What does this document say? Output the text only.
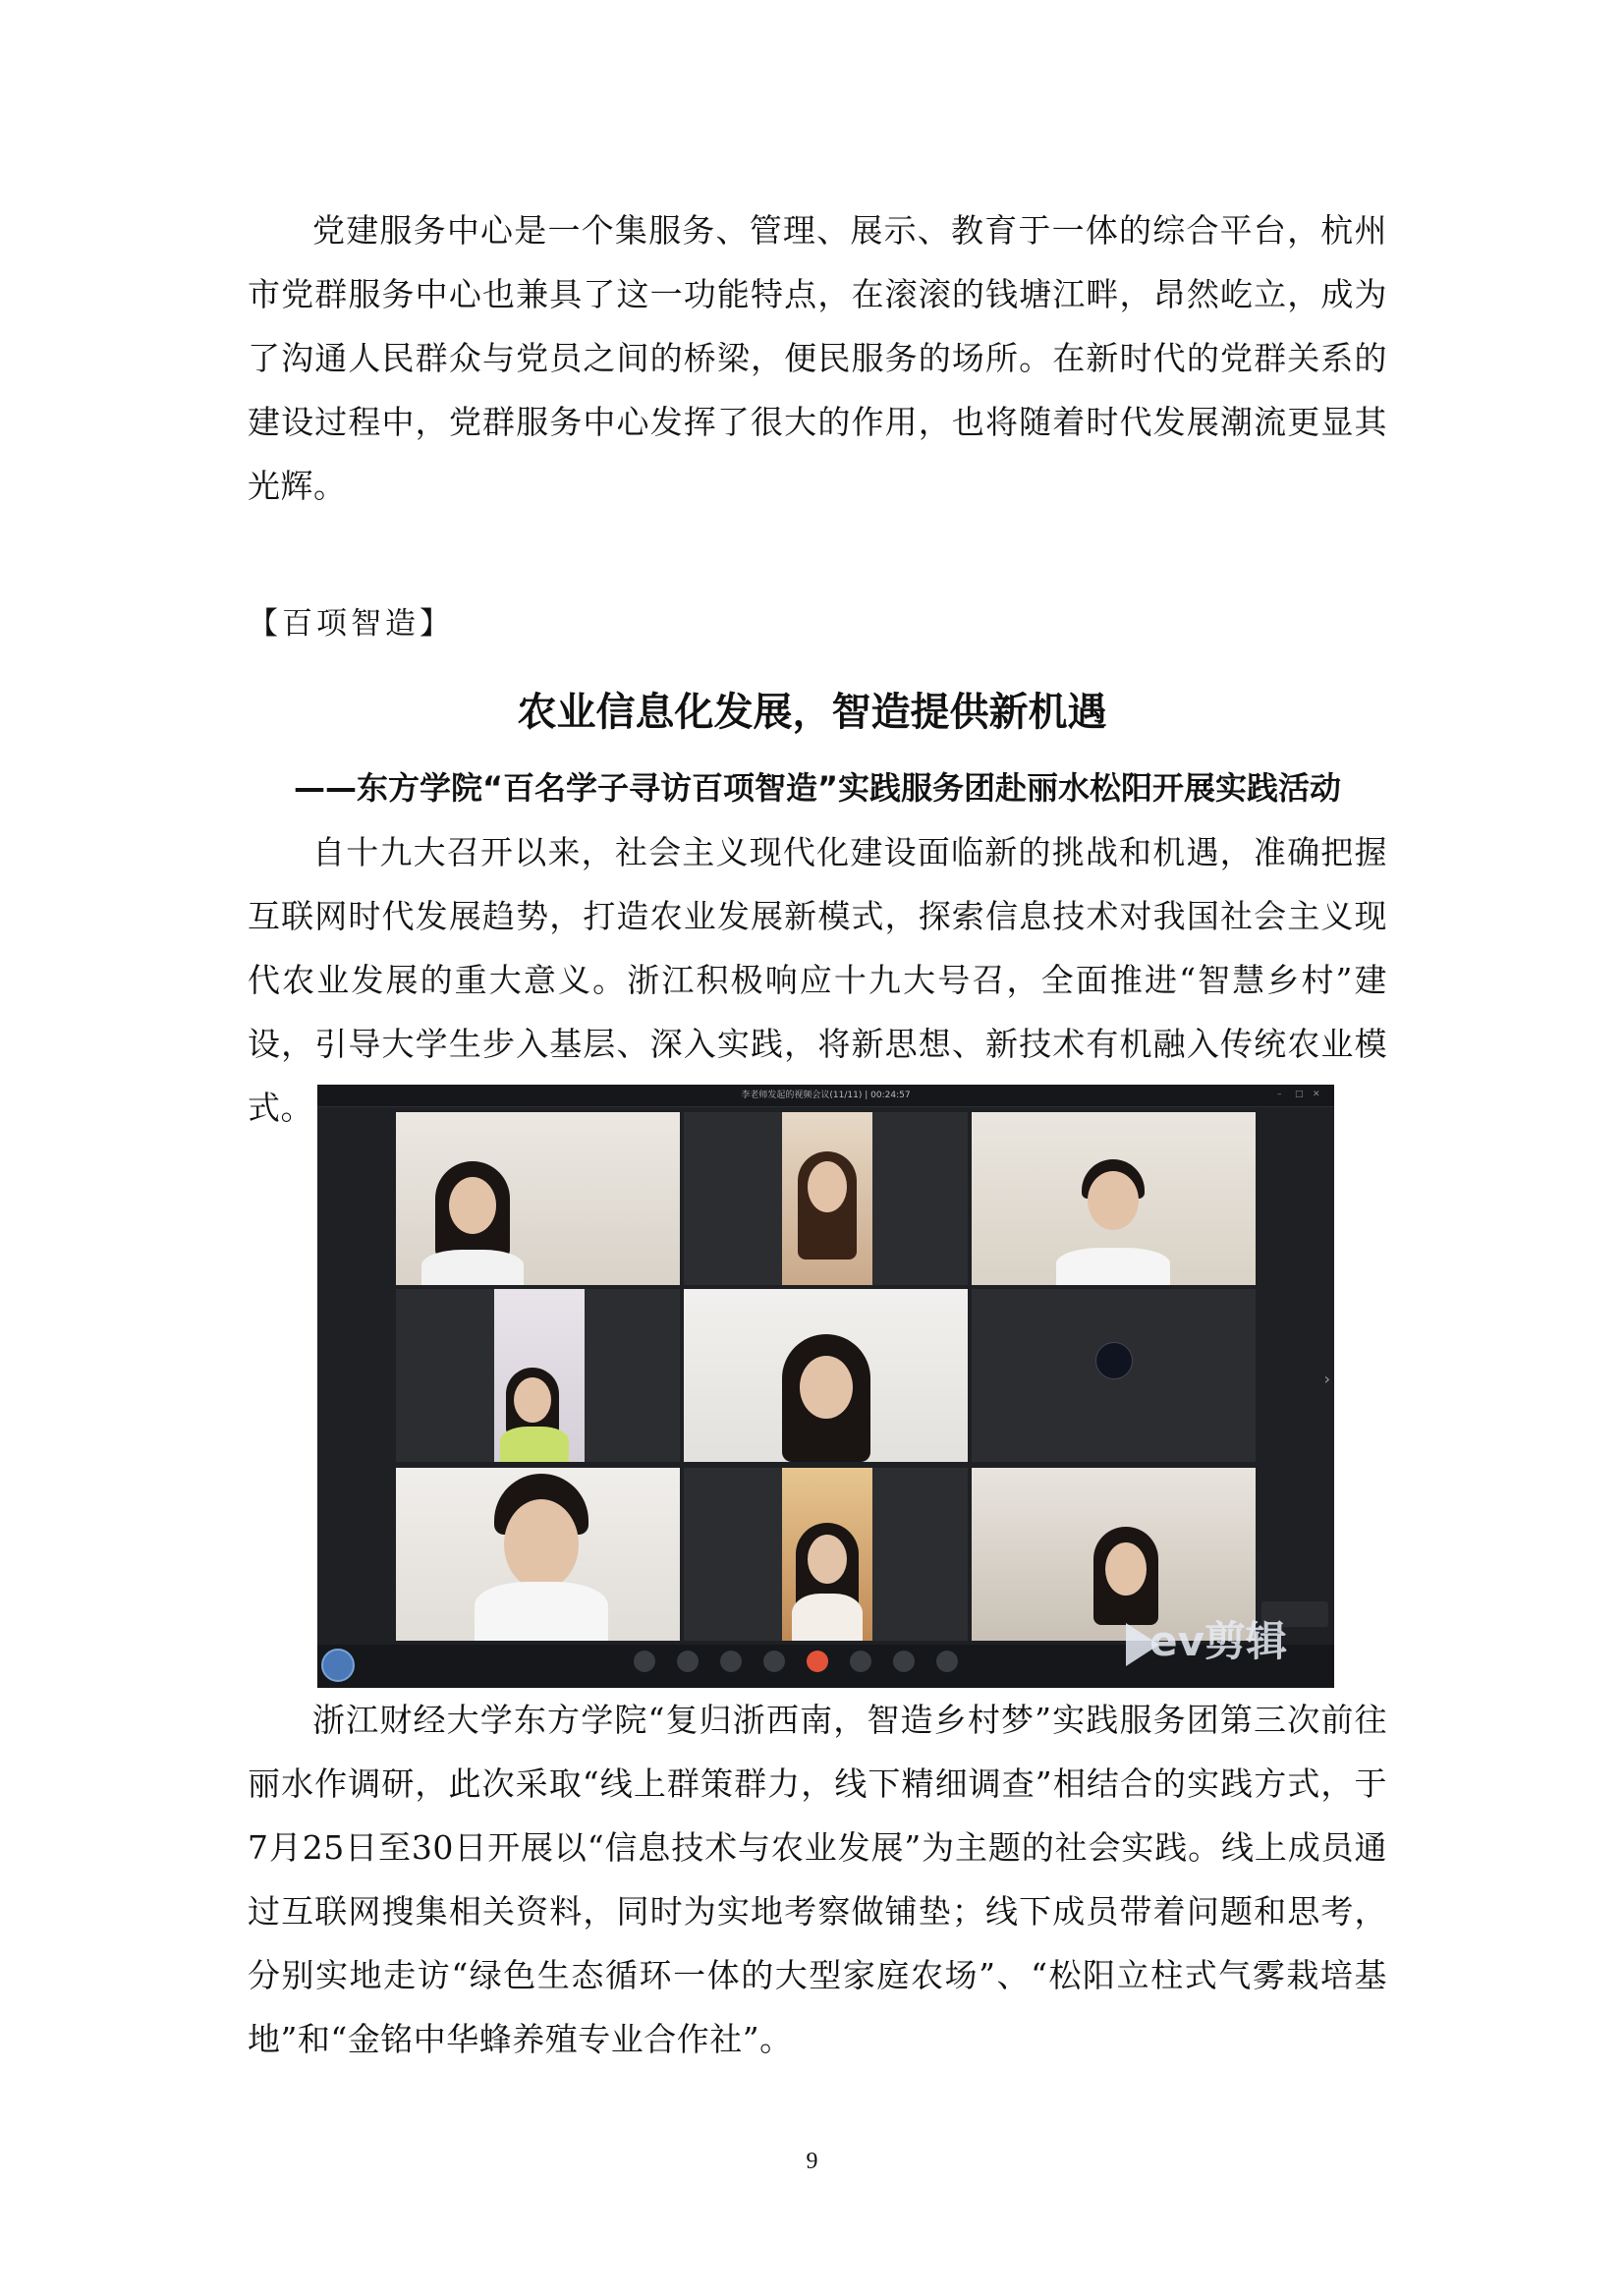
党建服务中心是一个集服务、管理、展示、教育于一体的综合平台，杭州市党群服务中心也兼具了这一功能特点，在滚滚的钱塘江畔，昂然屹立，成为了沟通人民群众与党员之间的桥梁，便民服务的场所。在新时代的党群关系的建设过程中，党群服务中心发挥了很大的作用，也将随着时代发展潮流更显其光辉。

【百项智造】
农业信息化发展，智造提供新机遇
——东方学院“百名学子寻访百项智造”实践服务团赴丽水松阳开展实践活动

自十九大召开以来，社会主义现代化建设面临新的挑战和机遇，准确把握互联网时代发展趋势，打造农业发展新模式，探索信息技术对我国社会主义现代农业发展的重大意义。浙江积极响应十九大号召，全面推进“智慧乡村”建设，引导大学生步入基层、深入实践，将新思想、新技术有机融入传统农业模式。	李老师发起的视频会议(11/11) | 00:24:57	–	□ ✕
›
ev剪辑

浙江财经大学东方学院“复归浙西南，智造乡村梦”实践服务团第三次前往丽水作调研，此次采取“线上群策群力，线下精细调查”相结合的实践方式，于7月25日至30日开展以“信息技术与农业发展”为主题的社会实践。线上成员通过互联网搜集相关资料，同时为实地考察做铺垫；线下成员带着问题和思考，分别实地走访“绿色生态循环一体的大型家庭农场”、“松阳立柱式气雾栽培基地”和“金铭中华蜂养殖专业合作社”。

9
